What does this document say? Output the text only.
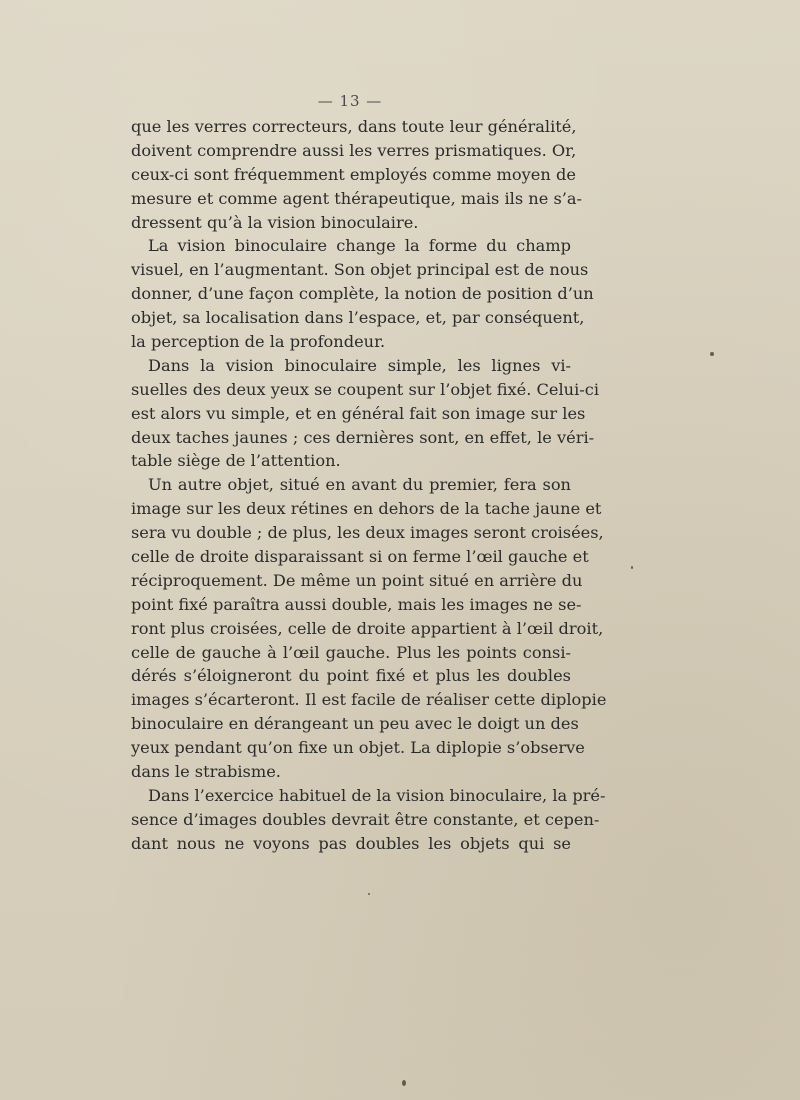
— 13 —
que les verres correcteurs, dans toute leur généralité,
doivent comprendre aussi les verres prismatiques. Or,
ceux-ci sont fréquemment employés comme moyen de
mesure et comme agent thérapeutique, mais ils ne s’a-
dressent qu’à la vision binoculaire.
La vision binoculaire change la forme du champ
visuel, en l’augmentant. Son objet principal est de nous
donner, d’une façon complète, la notion de position d’un
objet, sa localisation dans l’espace, et, par conséquent,
la perception de la profondeur.
Dans la vision binoculaire simple, les lignes vi-
suelles des deux yeux se coupent sur l’objet fixé. Celui-ci
est alors vu simple, et en général fait son image sur les
deux taches jaunes ; ces dernières sont, en effet, le véri-
table siège de l’attention.
Un autre objet, situé en avant du premier, fera son
image sur les deux rétines en dehors de la tache jaune et
sera vu double ; de plus, les deux images seront croisées,
celle de droite disparaissant si on ferme l’œil gauche et
réciproquement. De même un point situé en arrière du
point fixé paraîtra aussi double, mais les images ne se-
ront plus croisées, celle de droite appartient à l’œil droit,
celle de gauche à l’œil gauche. Plus les points consi-
dérés s’éloigneront du point fixé et plus les doubles
images s’écarteront. Il est facile de réaliser cette diplopie
binoculaire en dérangeant un peu avec le doigt un des
yeux pendant qu’on fixe un objet. La diplopie s’observe
dans le strabisme.
Dans l’exercice habituel de la vision binoculaire, la pré-
sence d’images doubles devrait être constante, et cepen-
dant nous ne voyons pas doubles les objets qui se
